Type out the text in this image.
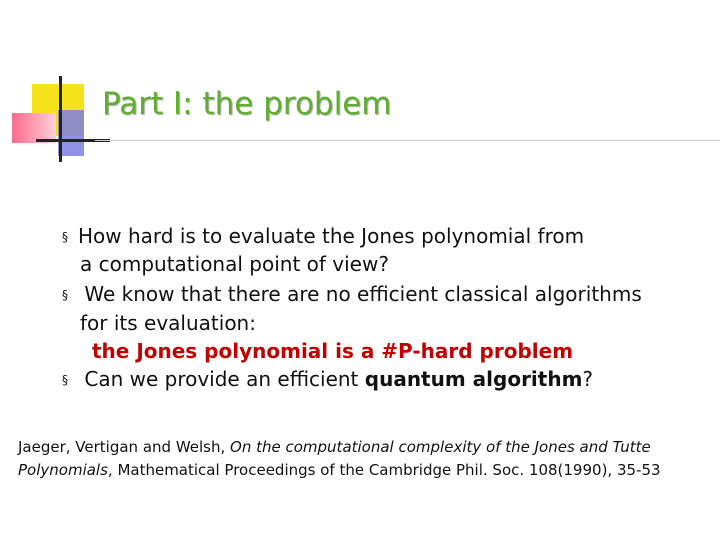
Part I: the problem
§ How hard is to evaluate the Jones polynomial from
a computational point of view?
§ We know that there are no efficient classical algorithms
for its evaluation:
the Jones polynomial is a #P-hard problem
§ Can we provide an efficient quantum algorithm?
Jaeger, Vertigan and Welsh, On the computational complexity of the Jones and Tutte
Polynomials, Mathematical Proceedings of the Cambridge Phil. Soc. 108(1990), 35-53
